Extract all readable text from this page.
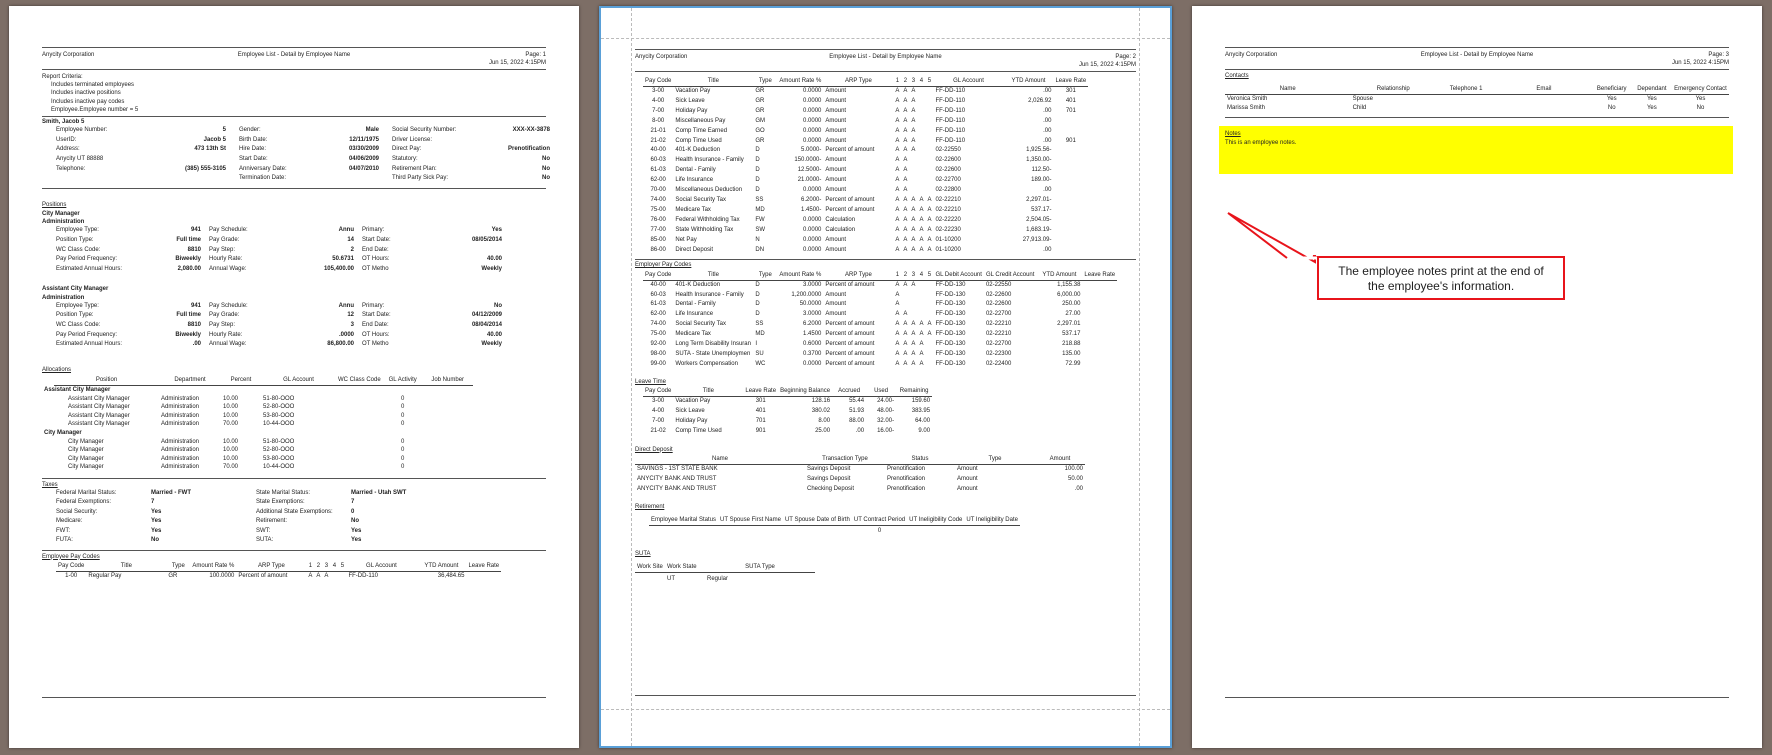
Anycity Corporation	Employee List - Detail by Employee Name	Page: 1
Jun 15, 2022 4:15PM
Report Criteria:
Includes terminated employees
Includes inactive positions
Includes inactive pay codes
Employee.Employee number = 5
Smith, Jacob 5
Employee Number:	5
UserID:	Jacob 5
Address:	473 13th St
Anycity UT 88888
Telephone:	(385) 555-3105
Gender:	Male
Birth Date:	12/11/1975
Hire Date:	03/30/2009
Start Date:	04/06/2009
Anniversary Date:	04/07/2010
Termination Date:
Social Security Number:	XXX-XX-3878
Driver License:
Direct Pay:	Prenotification
Statutory:	No
Retirement Plan:	No
Third Party Sick Pay:	No
Positions
City Manager
Administration
Employee Type:	941 Pay Schedule:	Annu Primary:	Yes
Position Type:	Full time Pay Grade:	14 Start Date:	08/05/2014
WC Class Code:	8810 Pay Step:	2 End Date:
Pay Period Frequency:	Biweekly Hourly Rate:	50.6731 OT Hours:	40.00
Estimated Annual Hours:	2,080.00 Annual Wage:	105,400.00 OT Metho	Weekly
Assistant City Manager
Administration
Employee Type:	941 Pay Schedule:	Annu Primary:	No
Position Type:	Full time Pay Grade:	12 Start Date:	04/12/2009
WC Class Code:	8810 Pay Step:	3 End Date:	08/04/2014
Pay Period Frequency:	Biweekly Hourly Rate:	.0000 OT Hours:	40.00
Estimated Annual Hours:	.00 Annual Wage:	86,800.00 OT Metho	Weekly
Allocations
Position	Department	Percent	GL Account	WC Class Code	GL Activity	Job Number
Assistant City Manager
Assistant City Manager	Administration	10.00	51-80-OOO		0	
Assistant City Manager	Administration	10.00	52-80-OOO		0	
Assistant City Manager	Administration	10.00	53-80-OOO		0	
Assistant City Manager	Administration	70.00	10-44-OOO		0	
City Manager
City Manager	Administration	10.00	51-80-OOO		0	
City Manager	Administration	10.00	52-80-OOO		0	
City Manager	Administration	10.00	53-80-OOO		0	
City Manager	Administration	70.00	10-44-OOO		0	
Taxes
Federal Marital Status:	Married - FWT
Federal Exemptions:	7
Social Security:	Yes
Medicare:	Yes
FWT:	Yes
FUTA:	No
State Marital Status:	Married - Utah SWT
State Exemptions:	7
Additional State Exemptions:	0
Retirement:	No
SWT:	Yes
SUTA:	Yes
Employee Pay Codes
Pay Code	Title	Type	Amount Rate %	ARP Type	1	2	3	4	5	GL Account	YTD Amount	Leave Rate
1-00	Regular Pay	GR	100.0000	Percent of amount	A	A	A			FF-DD-110	36,484.65	
Anycity Corporation	Employee List - Detail by Employee Name	Page: 2
Jun 15, 2022 4:15PM
Pay Code	Title	Type	Amount Rate %	ARP Type	1	2	3	4	5	GL Account	YTD Amount	Leave Rate
3-00	Vacation Pay	GR	0.0000	Amount	A	A	A			FF-DD-110	.00	301
4-00	Sick Leave	GR	0.0000	Amount	A	A	A			FF-DD-110	2,026.92	401
7-00	Holiday Pay	GR	0.0000	Amount	A	A	A			FF-DD-110	.00	701
8-00	Miscellaneous Pay	GM	0.0000	Amount	A	A	A			FF-DD-110	.00	
21-01	Comp Time Earned	GO	0.0000	Amount	A	A	A			FF-DD-110	.00	
21-02	Comp Time Used	GR	0.0000	Amount	A	A	A			FF-DD-110	.00	901
40-00	401-K Deduction	D	5.0000-	Percent of amount	A	A	A			02-22550	1,925.56-	
60-03	Health Insurance - Family	D	150.0000-	Amount	A	A				02-22600	1,350.00-	
61-03	Dental - Family	D	12.5000-	Amount	A	A				02-22600	112.50-	
62-00	Life Insurance	D	21.0000-	Amount	A	A				02-22700	189.00-	
70-00	Miscellaneous Deduction	D	0.0000	Amount	A	A				02-22800	.00	
74-00	Social Security Tax	SS	6.2000-	Percent of amount	A	A	A	A	A	02-22210	2,297.01-	
75-00	Medicare Tax	MD	1.4500-	Percent of amount	A	A	A	A	A	02-22210	537.17-	
76-00	Federal Withholding Tax	FW	0.0000	Calculation	A	A	A	A	A	02-22220	2,504.05-	
77-00	State Withholding Tax	SW	0.0000	Calculation	A	A	A	A	A	02-22230	1,683.19-	
85-00	Net Pay	N	0.0000	Amount	A	A	A	A	A	01-10200	27,913.09-	
86-00	Direct Deposit	DN	0.0000	Amount	A	A	A	A	A	01-10200	.00	
Employer Pay Codes
Pay Code	Title	Type	Amount Rate %	ARP Type	1	2	3	4	5	GL Debit Account	GL Credit Account	YTD Amount	Leave Rate
40-00	401-K Deduction	D	3.0000	Percent of amount	A	A	A			FF-DD-130	02-22550	1,155.38	
60-03	Health Insurance - Family	D	1,200.0000	Amount	A					FF-DD-130	02-22600	6,000.00	
61-03	Dental - Family	D	50.0000	Amount	A					FF-DD-130	02-22600	250.00	
62-00	Life Insurance	D	3.0000	Amount	A	A				FF-DD-130	02-22700	27.00	
74-00	Social Security Tax	SS	6.2000	Percent of amount	A	A	A	A	A	FF-DD-130	02-22210	2,297.01	
75-00	Medicare Tax	MD	1.4500	Percent of amount	A	A	A	A	A	FF-DD-130	02-22210	537.17	
92-00	Long Term Disability Insuran	I	0.6000	Percent of amount	A	A	A	A		FF-DD-130	02-22700	218.88	
98-00	SUTA - State Unemploymen	SU	0.3700	Percent of amount	A	A	A	A		FF-DD-130	02-22300	135.00	
99-00	Workers Compensation	WC	0.0000	Percent of amount	A	A	A	A		FF-DD-130	02-22400	72.99	
Leave Time
Pay Code	Title	Leave Rate	Beginning Balance	Accrued	Used	Remaining
3-00	Vacation Pay	301	128.16	55.44	24.00-	159.60
4-00	Sick Leave	401	380.02	51.93	48.00-	383.95
7-00	Holiday Pay	701	8.00	88.00	32.00-	64.00
21-02	Comp Time Used	901	25.00	.00	16.00-	9.00
Direct Deposit
Name	Transaction Type	Status	Type	Amount
SAVINGS - 1ST STATE BANK	Savings Deposit	Prenotification	Amount	100.00
ANYCITY BANK AND TRUST	Savings Deposit	Prenotification	Amount	50.00
ANYCITY BANK AND TRUST	Checking Deposit	Prenotification	Amount	.00
Retirement
Employee Marital Status	UT Spouse First Name	UT Spouse Date of Birth	UT Contract Period	UT Ineligibility Code	UT Ineligibility Date
			0		
SUTA
Work Site	Work State	SUTA Type
	UT	Regular
Anycity Corporation	Employee List - Detail by Employee Name	Page: 3
Jun 15, 2022 4:15PM
Contacts
Name	Relationship	Telephone 1	Email	Beneficiary	Dependant	Emergency Contact
Veronica Smith	Spouse			Yes	Yes	Yes
Marissa Smith	Child			No	Yes	No
Notes
This is an employee notes.
The employee notes print at the end of
the employee's information.
